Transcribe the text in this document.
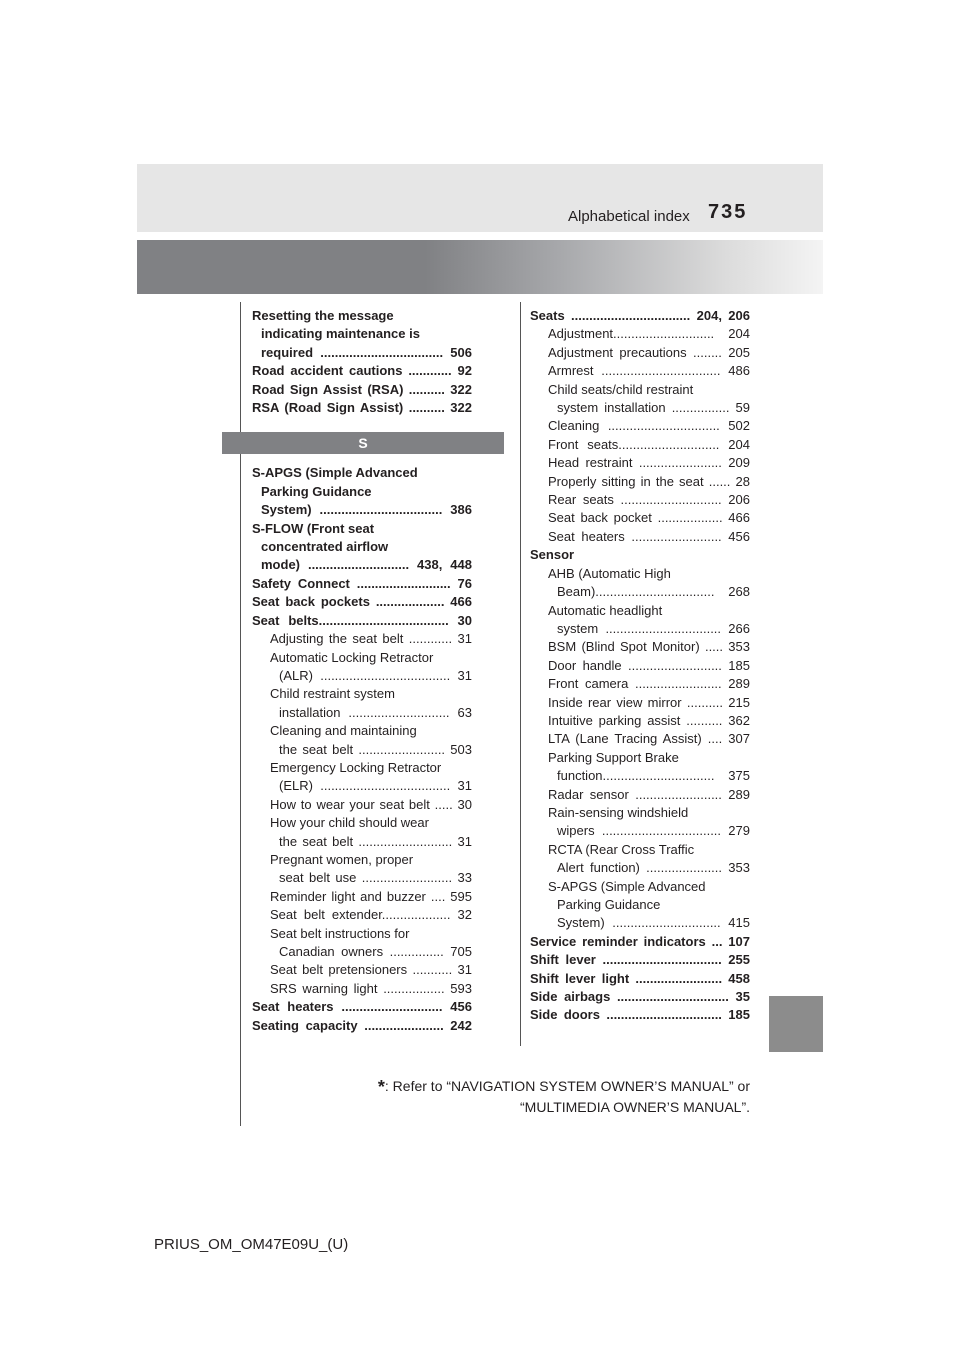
Alphabetical index 735
Resetting the message
indicating maintenance is
required .................................. 506
Road accident cautions ............ 92
Road Sign Assist (RSA) .......... 322
RSA (Road Sign Assist) .......... 322
S
S-APGS (Simple Advanced
Parking Guidance
System) .................................. 386
S-FLOW (Front seat
concentrated airflow
mode) ............................ 438, 448
Safety Connect .......................... 76
Seat back pockets ................... 466
Seat belts.................................... 30
Adjusting the seat belt ............ 31
Automatic Locking Retractor
(ALR) .................................... 31
Child restraint system
installation ............................ 63
Cleaning and maintaining
the seat belt ........................ 503
Emergency Locking Retractor
(ELR) .................................... 31
How to wear your seat belt ..... 30
How your child should wear
the seat belt .......................... 31
Pregnant women, proper
seat belt use ......................... 33
Reminder light and buzzer .... 595
Seat belt extender................... 32
Seat belt instructions for
Canadian owners ............... 705
Seat belt pretensioners ........... 31
SRS warning light ................. 593
Seat heaters ............................ 456
Seating capacity ...................... 242
Seats ................................. 204, 206
Adjustment............................ 204
Adjustment precautions ........ 205
Armrest ................................. 486
Child seats/child restraint
system installation ................ 59
Cleaning ............................... 502
Front seats............................ 204
Head restraint ....................... 209
Properly sitting in the seat ...... 28
Rear seats ............................ 206
Seat back pocket .................. 466
Seat heaters ......................... 456
Sensor
AHB (Automatic High
Beam)................................. 268
Automatic headlight
system ................................ 266
BSM (Blind Spot Monitor) ..... 353
Door handle .......................... 185
Front camera ........................ 289
Inside rear view mirror .......... 215
Intuitive parking assist .......... 362
LTA (Lane Tracing Assist) .... 307
Parking Support Brake
function............................... 375
Radar sensor ........................ 289
Rain-sensing windshield
wipers ................................. 279
RCTA (Rear Cross Traffic
Alert function) ..................... 353
S-APGS (Simple Advanced
Parking Guidance
System) .............................. 415
Service reminder indicators ... 107
Shift lever ................................. 255
Shift lever light ........................ 458
Side airbags ............................... 35
Side doors ................................ 185
*: Refer to “NAVIGATION SYSTEM OWNER’S MANUAL” or
“MULTIMEDIA OWNER’S MANUAL”.
PRIUS_OM_OM47E09U_(U)
